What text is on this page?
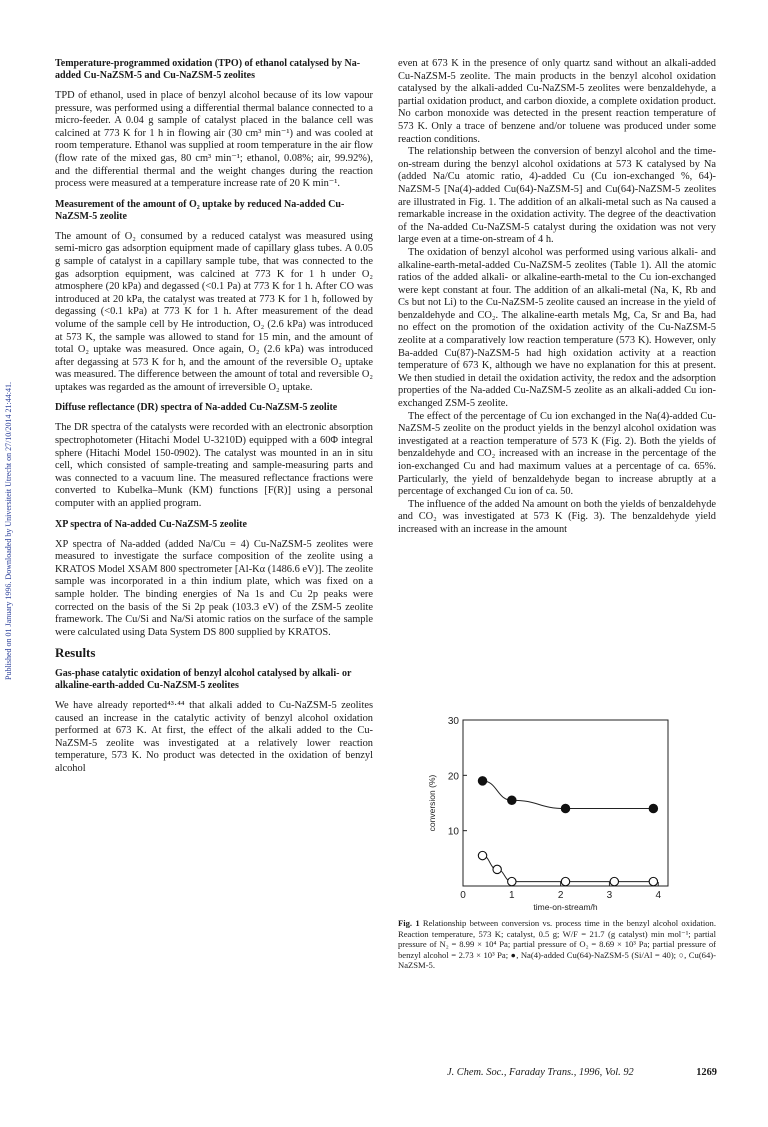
Published on 01 January 1996. Downloaded by Universiteit Utrecht on 27/10/2014 21:44:41.
Temperature-programmed oxidation (TPO) of ethanol catalysed by Na-added Cu-NaZSM-5 and Cu-NaZSM-5 zeolites
TPD of ethanol, used in place of benzyl alcohol because of its low vapour pressure, was performed using a differential thermal balance connected to a micro-feeder. A 0.04 g sample of catalyst placed in the balance cell was calcined at 773 K for 1 h in flowing air (30 cm³ min⁻¹) and was cooled at room temperature. Ethanol was supplied at room temperature in the air flow (flow rate of the mixed gas, 80 cm³ min⁻¹; ethanol, 0.08%; air, 99.92%), and the differential thermal and the weight changes during the reaction process were measured at a temperature increase rate of 20 K min⁻¹.
Measurement of the amount of O₂ uptake by reduced Na-added Cu-NaZSM-5 zeolite
The amount of O₂ consumed by a reduced catalyst was measured using semi-micro gas adsorption equipment made of capillary glass tubes. A 0.05 g sample of catalyst in a capillary sample tube, that was connected to the gas adsorption equipment, was calcined at 773 K for 1 h under O₂ atmosphere (20 kPa) and degassed (<0.1 Pa) at 773 K for 1 h. After CO was introduced at 20 kPa, the catalyst was treated at 773 K for 1 h, followed by degassing (<0.1 kPa) at 773 K for 1 h. After measurement of the dead volume of the sample cell by He introduction, O₂ (2.6 kPa) was introduced at 573 K, the sample was allowed to stand for 15 min, and the amount of total O₂ uptake was measured. Once again, O₂ (2.6 kPa) was introduced after degassing at 573 K for h, and the amount of the reversible O₂ uptake was measured. The difference between the amount of total and reversible O₂ uptakes was regarded as the amount of irreversible O₂ uptake.
Diffuse reflectance (DR) spectra of Na-added Cu-NaZSM-5 zeolite
The DR spectra of the catalysts were recorded with an electronic absorption spectrophotometer (Hitachi Model U-3210D) equipped with a 60Φ integral sphere (Hitachi Model 150-0902). The catalyst was mounted in an in situ cell, which consisted of sample-treating and sample-measuring parts and was connected to a vacuum line. The measured reflectance fractions were converted to Kubelka–Munk (KM) functions [F(R)] using a personal computer with an applied program.
XP spectra of Na-added Cu-NaZSM-5 zeolite
XP spectra of Na-added (added Na/Cu = 4) Cu-NaZSM-5 zeolites were measured to investigate the surface composition of the zeolite using a KRATOS Model XSAM 800 spectrometer [Al-Kα (1486.6 eV)]. The zeolite sample was incorporated in a thin indium plate, which was fixed on a sample holder. The binding energies of Na 1s and Cu 2p peaks were corrected on the basis of the Si 2p peak (103.3 eV) of the ZSM-5 zeolite framework. The Cu/Si and Na/Si atomic ratios on the surface of the sample were calculated using Data System DS 800 supplied by KRATOS.
Results
Gas-phase catalytic oxidation of benzyl alcohol catalysed by alkali- or alkaline-earth-added Cu-NaZSM-5 zeolites
We have already reported⁴³·⁴⁴ that alkali added to Cu-NaZSM-5 zeolites caused an increase in the catalytic activity of benzyl alcohol oxidation performed at 673 K. At first, the effect of the alkali added to the Cu-NaZSM-5 zeolite was investigated at a relatively lower reaction temperature, 573 K. No product was detected in the oxidation of benzyl alcohol
even at 673 K in the presence of only quartz sand without an alkali-added Cu-NaZSM-5 zeolite. The main products in the benzyl alcohol oxidation catalysed by the alkali-added Cu-NaZSM-5 zeolites were benzaldehyde, a partial oxidation product, and carbon dioxide, a complete oxidation product. No carbon monoxide was detected in the present reaction temperature of 573 K. Only a trace of benzene and/or toluene was produced under some reaction conditions.
The relationship between the conversion of benzyl alcohol and the time-on-stream during the benzyl alcohol oxidations at 573 K catalysed by Na (added Na/Cu atomic ratio, 4)-added Cu (Cu ion-exchanged %, 64)-NaZSM-5 [Na(4)-added Cu(64)-NaZSM-5] and Cu(64)-NaZSM-5 zeolites are illustrated in Fig. 1. The addition of an alkali-metal such as Na caused a remarkable increase in the oxidation activity. The degree of the deactivation of the Na-added Cu-NaZSM-5 catalyst during the oxidation was not very large even at a time-on-stream of 4 h.
The oxidation of benzyl alcohol was performed using various alkali- and alkaline-earth-metal-added Cu-NaZSM-5 zeolites (Table 1). All the atomic ratios of the added alkali- or alkaline-earth-metal to the Cu ion-exchanged were kept constant at four. The addition of an alkali-metal (Na, K, Rb and Cs but not Li) to the Cu-NaZSM-5 zeolite caused an increase in the yield of benzaldehyde and CO₂. The alkaline-earth metals Mg, Ca, Sr and Ba, had no effect on the promotion of the oxidation activity of the Cu-NaZSM-5 zeolite at a comparatively low reaction temperature (573 K). However, only Ba-added Cu(87)-NaZSM-5 had high oxidation activity at a reaction temperature of 673 K, although we have no explanation for this at present. We then studied in detail the oxidation activity, the redox and the adsorption properties of the Na-added Cu-NaZSM-5 zeolite as an alkali-added Cu ion-exchanged ZSM-5 zeolite.
The effect of the percentage of Cu ion exchanged in the Na(4)-added Cu-NaZSM-5 zeolite on the product yields in the benzyl alcohol oxidation was investigated at a reaction temperature of 573 K (Fig. 2). Both the yields of benzaldehyde and CO₂ increased with an increase in the percentage of the ion-exchanged Cu and had maximum values at a percentage of ca. 65%. Particularly, the yield of benzaldehyde began to increase abruptly at a percentage of exchanged Cu ion of ca. 50.
The influence of the added Na amount on both the yields of benzaldehyde and CO₂ was investigated at 573 K (Fig. 3). The benzaldehyde yield increased with an increase in the amount
0	1	2	3	4
10
20
30
time-on-stream/h
conversion (%)
Fig. 1 Relationship between conversion vs. process time in the benzyl alcohol oxidation. Reaction temperature, 573 K; catalyst, 0.5 g; W/F = 21.7 (g catalyst) min mol⁻¹; partial pressure of N₂ = 8.99 × 10⁴ Pa; partial pressure of O₂ = 8.69 × 10³ Pa; partial pressure of benzyl alcohol = 2.73 × 10³ Pa; ●, Na(4)-added Cu(64)-NaZSM-5 (Si/Al = 40); ○, Cu(64)-NaZSM-5.
J. Chem. Soc., Faraday Trans., 1996, Vol. 92	1269
